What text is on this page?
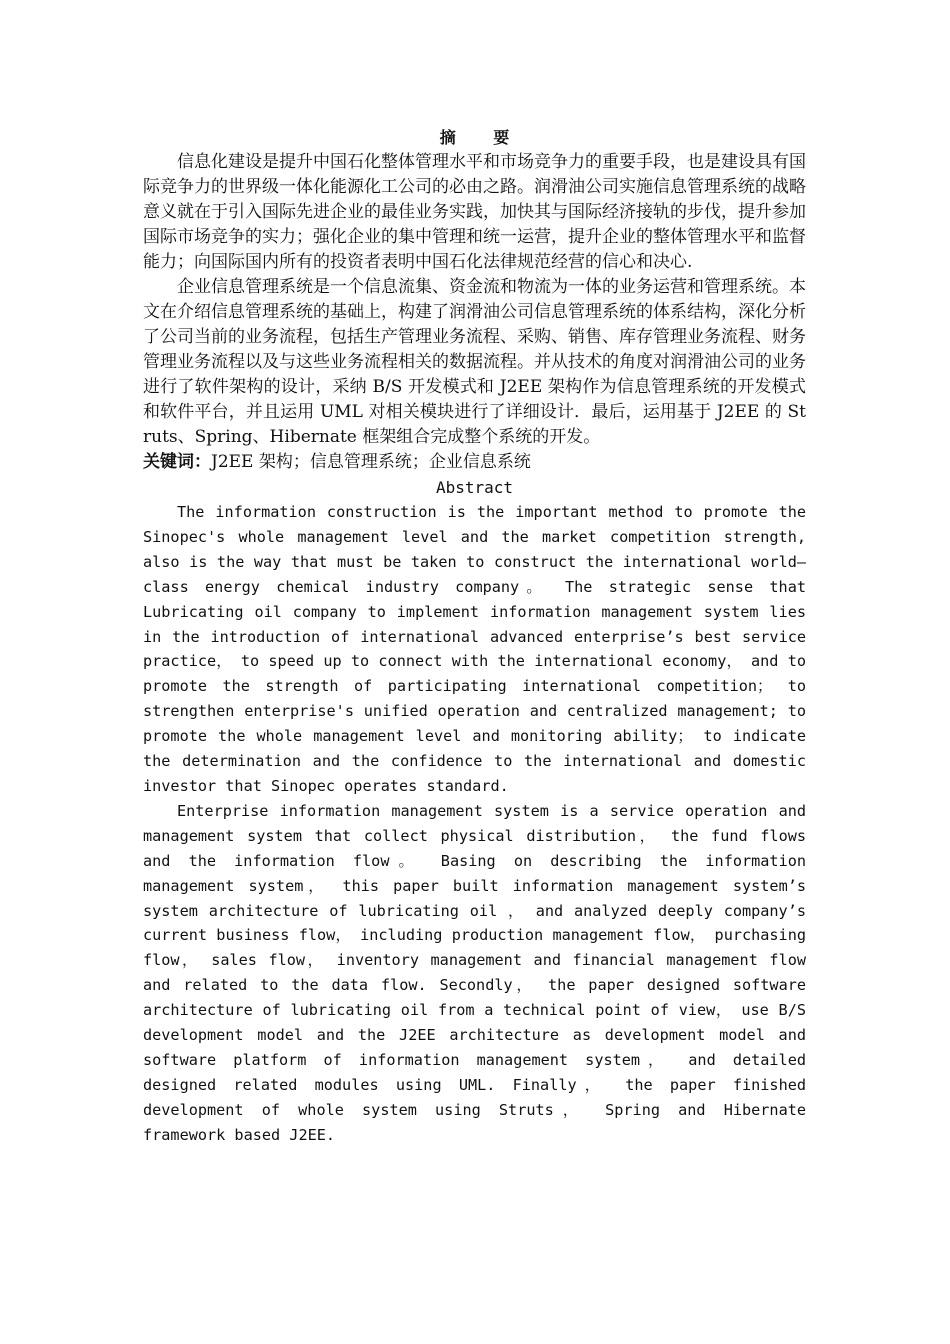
摘 要

信息化建设是提升中国石化整体管理水平和市场竞争力的重要手段，也是建设具有国际竞争力的世界级一体化能源化工公司的必由之路。润滑油公司实施信息管理系统的战略意义就在于引入国际先进企业的最佳业务实践，加快其与国际经济接轨的步伐，提升参加国际市场竞争的实力；强化企业的集中管理和统一运营，提升企业的整体管理水平和监督能力；向国际国内所有的投资者表明中国石化法律规范经营的信心和决心.

企业信息管理系统是一个信息流集、资金流和物流为一体的业务运营和管理系统。本文在介绍信息管理系统的基础上，构建了润滑油公司信息管理系统的体系结构，深化分析了公司当前的业务流程，包括生产管理业务流程、采购、销售、库存管理业务流程、财务管理业务流程以及与这些业务流程相关的数据流程。并从技术的角度对润滑油公司的业务进行了软件架构的设计，采纳 B/S 开发模式和 J2EE 架构作为信息管理系统的开发模式和软件平台，并且运用 UML 对相关模块进行了详细设计．最后，运用基于 J2EE 的 Struts、Spring、Hibernate 框架组合完成整个系统的开发。

关键词：J2EE 架构；信息管理系统；企业信息系统

Abstract

The information construction is the important method to promote the Sinopec's whole management level and the market competition strength, also is the way that must be taken to construct the international world—class energy chemical industry company。 The strategic sense that Lubricating oil company to implement information management system lies in the introduction of international advanced enterprise’s best service practice， to speed up to connect with the international economy， and to promote the strength of participating international competition； to strengthen enterprise's unified operation and centralized management; to promote the whole management level and monitoring ability； to indicate the determination and the confidence to the international and domestic investor that Sinopec operates standard.

Enterprise information management system is a service operation and management system that collect physical distribution， the fund flows and the information flow。 Basing on describing the information management system， this paper built information management system’s system architecture of lubricating oil ， and analyzed deeply company’s current business flow， including production management flow， purchasing flow， sales flow， inventory management and financial management flow and related to the data flow. Secondly， the paper designed software architecture of lubricating oil from a technical point of view， use B/S development model and the J2EE architecture as development model and software platform of information management system， and detailed designed related modules using UML. Finally， the paper finished development of whole system using Struts， Spring and Hibernate framework based J2EE.
